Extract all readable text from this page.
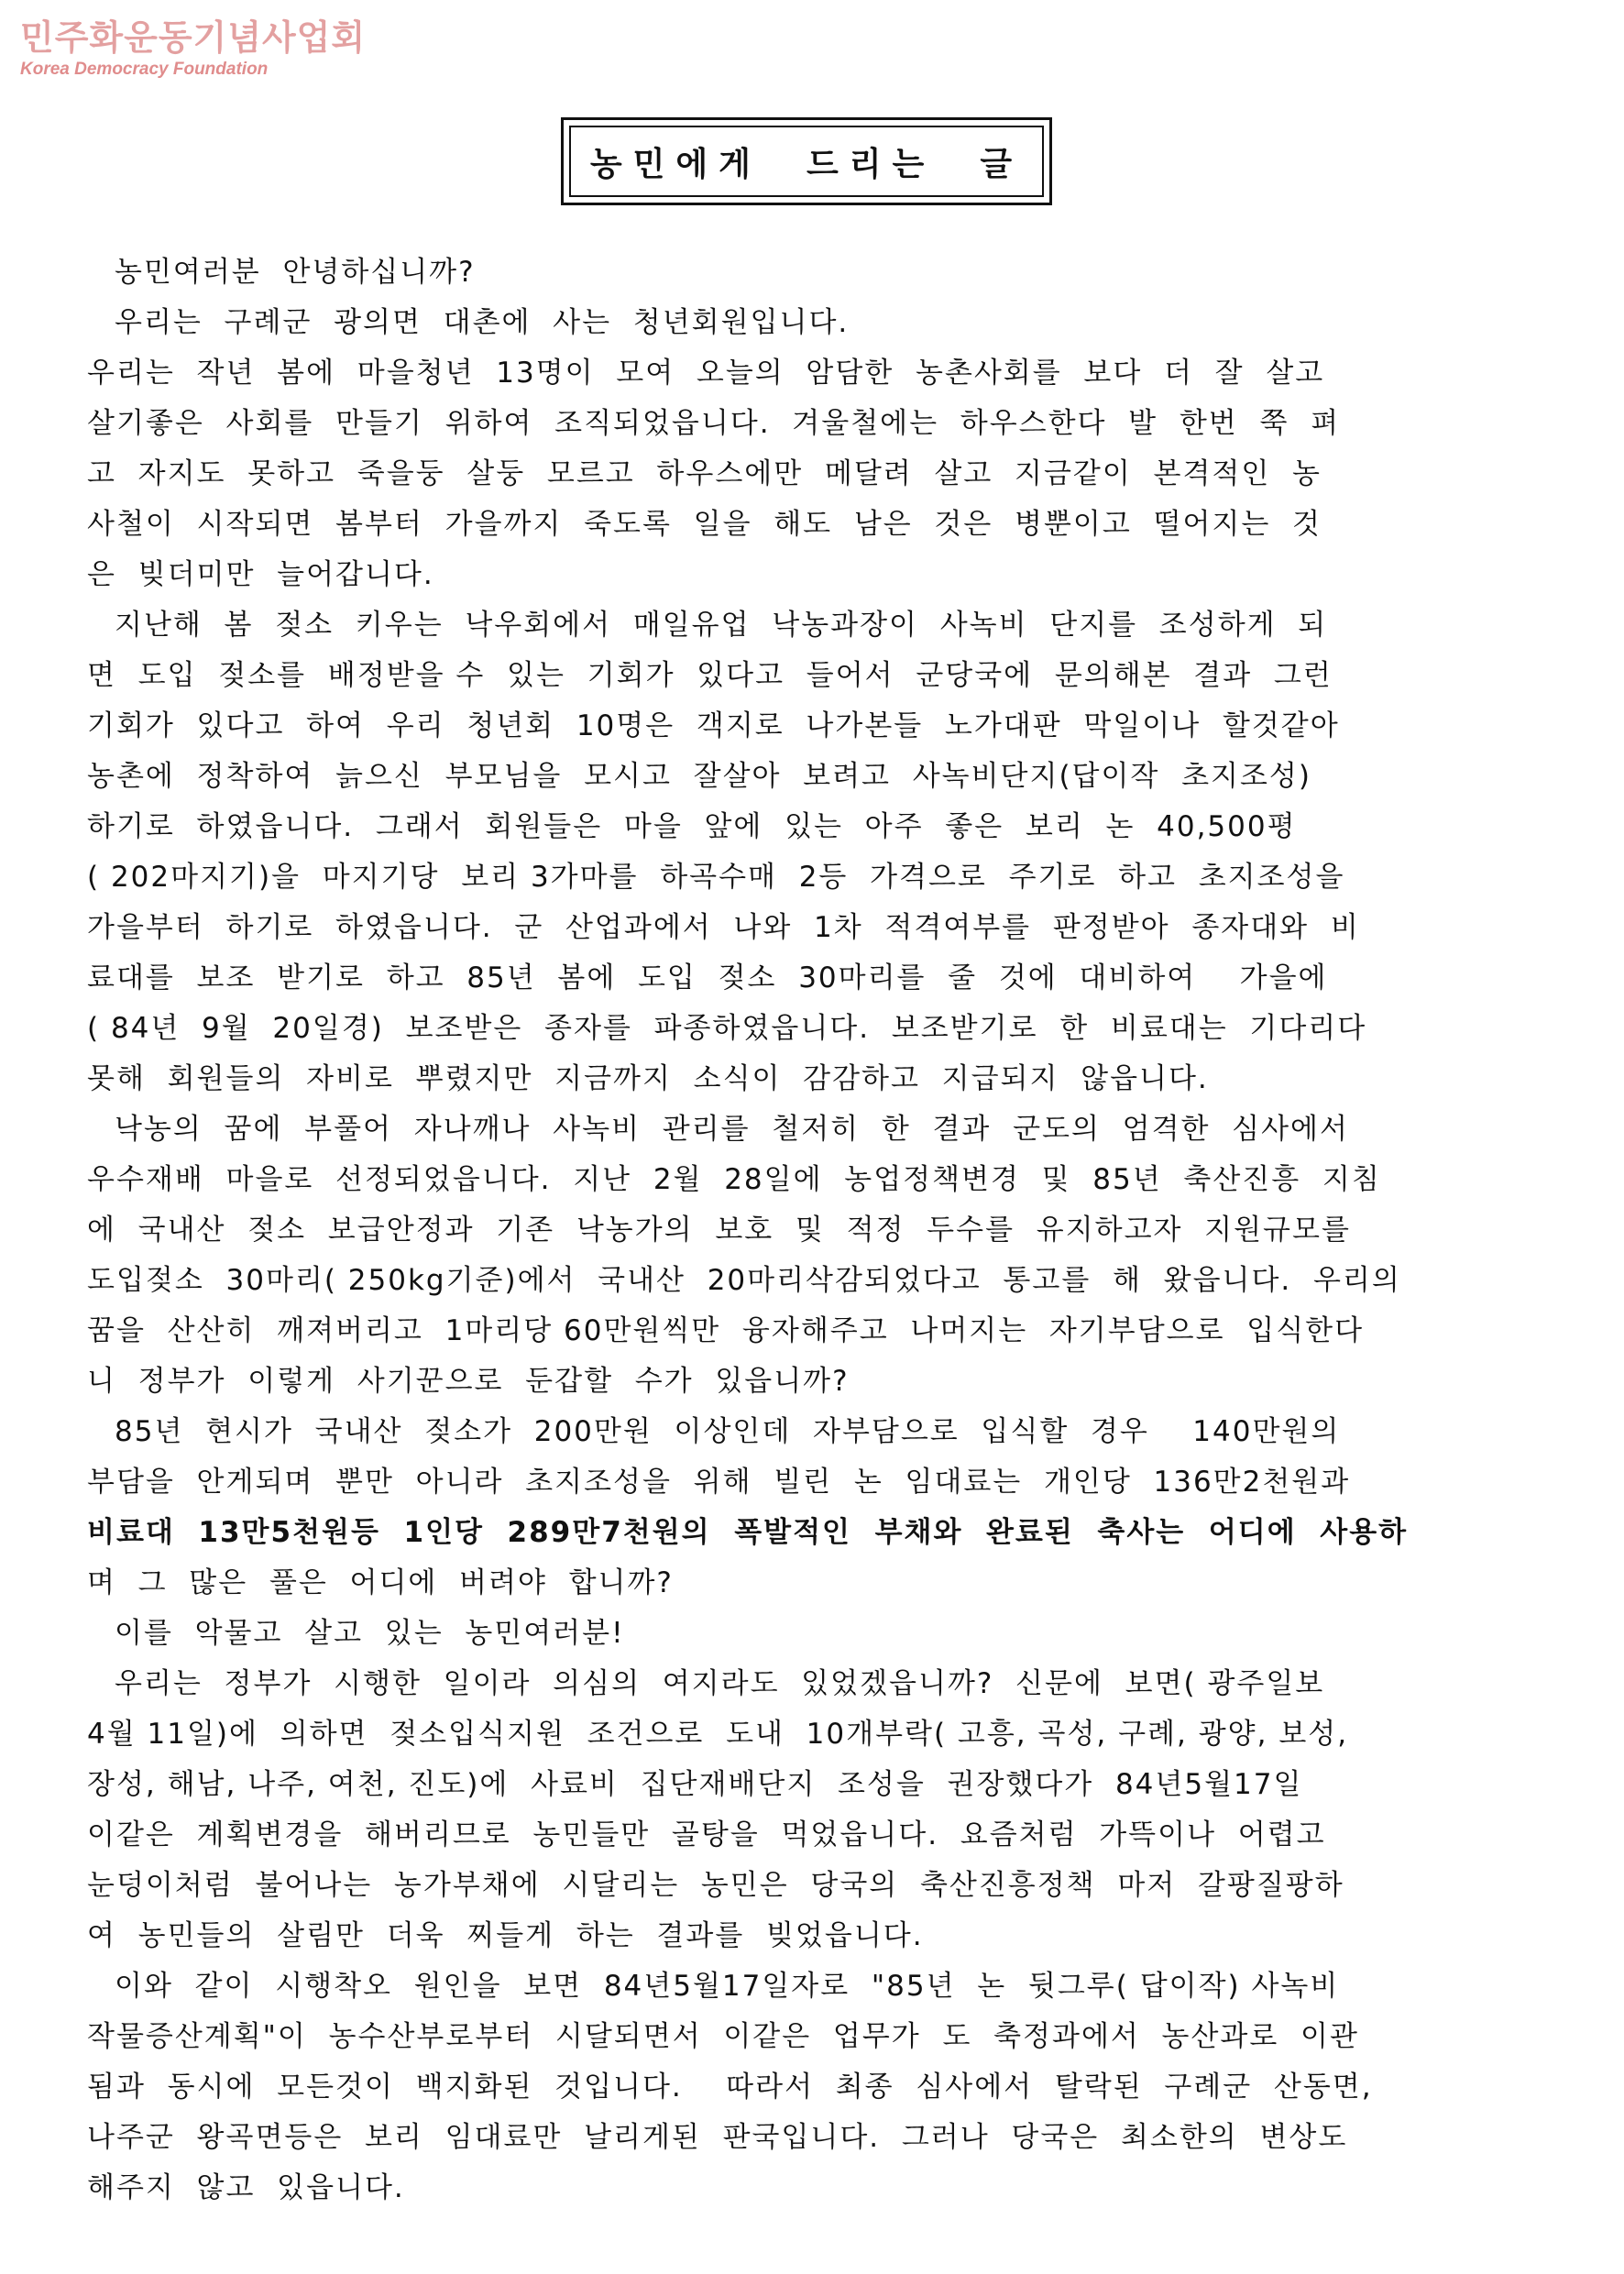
민주화운동기념사업회
Korea Democracy Foundation
농민에게  드리는  글
농민여러분  안녕하십니까?
우리는  구례군  광의면  대촌에  사는  청년회원입니다.
우리는  작년  봄에  마을청년  13명이  모여  오늘의  암담한  농촌사회를  보다  더  잘  살고
살기좋은  사회를  만들기  위하여  조직되었읍니다.  겨울철에는  하우스한다  발  한번  쭉  펴
고  자지도  못하고  죽을둥  살둥  모르고  하우스에만  메달려  살고  지금같이  본격적인  농
사철이  시작되면  봄부터  가을까지  죽도록  일을  해도  남은  것은  병뿐이고  떨어지는  것
은  빚더미만  늘어갑니다.
지난해  봄  젖소  키우는  낙우회에서  매일유업  낙농과장이  사녹비  단지를  조성하게  되
면  도입  젖소를  배정받을 수  있는  기회가  있다고  들어서  군당국에  문의해본  결과  그런
기회가  있다고  하여  우리  청년회  10명은  객지로  나가본들  노가대판  막일이나  할것같아
농촌에  정착하여  늙으신  부모님을  모시고  잘살아  보려고  사녹비단지(답이작  초지조성)
하기로  하였읍니다.  그래서  회원들은  마을  앞에  있는  아주  좋은  보리  논  40,500평
( 202마지기)을  마지기당  보리 3가마를  하곡수매  2등  가격으로  주기로  하고  초지조성을
가을부터  하기로  하였읍니다.  군  산업과에서  나와  1차  적격여부를  판정받아  종자대와  비
료대를  보조  받기로  하고  85년  봄에  도입  젖소  30마리를  줄  것에  대비하여    가을에
( 84년  9월  20일경)  보조받은  종자를  파종하였읍니다.  보조받기로  한  비료대는  기다리다
못해  회원들의  자비로  뿌렸지만  지금까지  소식이  감감하고  지급되지  않읍니다.
낙농의  꿈에  부풀어  자나깨나  사녹비  관리를  철저히  한  결과  군도의  엄격한  심사에서
우수재배  마을로  선정되었읍니다.  지난  2월  28일에  농업정책변경  및  85년  축산진흥  지침
에  국내산  젖소  보급안정과  기존  낙농가의  보호  및  적정  두수를  유지하고자  지원규모를
도입젖소  30마리( 250kg기준)에서  국내산  20마리삭감되었다고  통고를  해  왔읍니다.  우리의
꿈을  산산히  깨져버리고  1마리당 60만원씩만  융자해주고  나머지는  자기부담으로  입식한다
니  정부가  이렇게  사기꾼으로  둔갑할  수가  있읍니까?
85년  현시가  국내산  젖소가  200만원  이상인데  자부담으로  입식할  경우    140만원의
부담을  안게되며  뿐만  아니라  초지조성을  위해  빌린  논  임대료는  개인당  136만2천원과
비료대  13만5천원등  1인당  289만7천원의  폭발적인  부채와  완료된  축사는  어디에  사용하
며  그  많은  풀은  어디에  버려야  합니까?
이를  악물고  살고  있는  농민여러분!
우리는  정부가  시행한  일이라  의심의  여지라도  있었겠읍니까?  신문에  보면( 광주일보
4월 11일)에  의하면  젖소입식지원  조건으로  도내  10개부락( 고흥, 곡성, 구례, 광양, 보성,
장성, 해남, 나주, 여천, 진도)에  사료비  집단재배단지  조성을  권장했다가  84년5월17일
이같은  계획변경을  해버리므로  농민들만  골탕을  먹었읍니다.  요즘처럼  가뜩이나  어렵고
눈덩이처럼  불어나는  농가부채에  시달리는  농민은  당국의  축산진흥정책  마저  갈팡질팡하
여  농민들의  살림만  더욱  찌들게  하는  결과를  빚었읍니다.
이와  같이  시행착오  원인을  보면  84년5월17일자로  "85년  논  뒷그루( 답이작) 사녹비
작물증산계획"이  농수산부로부터  시달되면서  이같은  업무가  도  축정과에서  농산과로  이관
됨과  동시에  모든것이  백지화된  것입니다.    따라서  최종  심사에서  탈락된  구례군  산동면,
나주군  왕곡면등은  보리  임대료만  날리게된  판국입니다.  그러나  당국은  최소한의  변상도
해주지  않고  있읍니다.
